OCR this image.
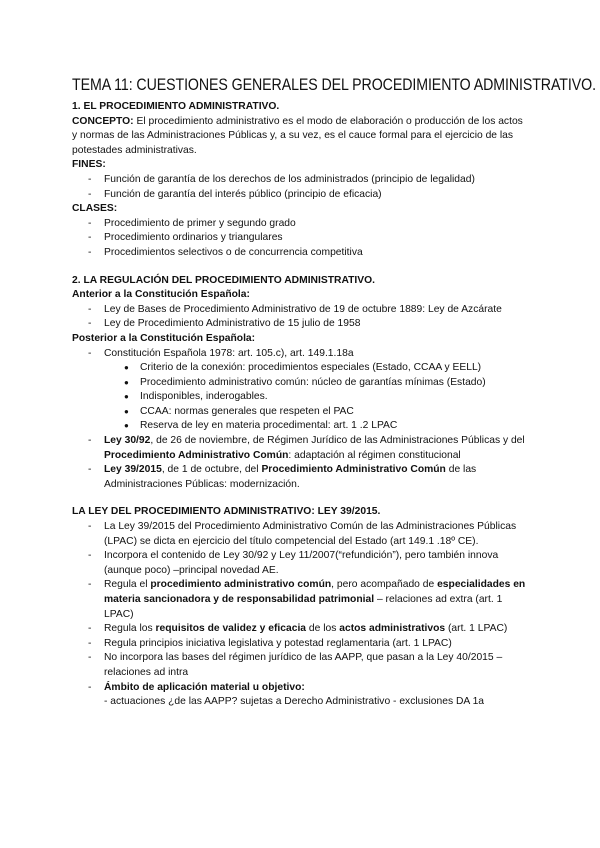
TEMA 11: CUESTIONES GENERALES DEL PROCEDIMIENTO ADMINISTRATIVO.

1. EL PROCEDIMIENTO ADMINISTRATIVO.

CONCEPTO: El procedimiento administrativo es el modo de elaboración o producción de los actos y normas de las Administraciones Públicas y, a su vez, es el cauce formal para el ejercicio de las potestades administrativas.

FINES:

- Función de garantía de los derechos de los administrados (principio de legalidad)
- Función de garantía del interés público (principio de eficacia)

CLASES:

- Procedimiento de primer y segundo grado
- Procedimiento ordinarios y triangulares
- Procedimientos selectivos o de concurrencia competitiva

2. LA REGULACIÓN DEL PROCEDIMIENTO ADMINISTRATIVO.

Anterior a la Constitución Española:

- Ley de Bases de Procedimiento Administrativo de 19 de octubre 1889: Ley de Azcárate
- Ley de Procedimiento Administrativo de 15 julio de 1958

Posterior a la Constitución Española:

- Constitución Española 1978: art. 105.c), art. 149.1.18a
● Criterio de la conexión: procedimientos especiales (Estado, CCAA y EELL)
● Procedimiento administrativo común: núcleo de garantías mínimas (Estado)
● Indisponibles, inderogables.
● CCAA: normas generales que respeten el PAC
● Reserva de ley en materia procedimental: art. 1 .2 LPAC
- Ley 30/92, de 26 de noviembre, de Régimen Jurídico de las Administraciones Públicas y del Procedimiento Administrativo Común: adaptación al régimen constitucional
- Ley 39/2015, de 1 de octubre, del Procedimiento Administrativo Común de las Administraciones Públicas: modernización.

LA LEY DEL PROCEDIMIENTO ADMINISTRATIVO: LEY 39/2015.

- La Ley 39/2015 del Procedimiento Administrativo Común de las Administraciones Públicas (LPAC) se dicta en ejercicio del título competencial del Estado (art 149.1 .18º CE).
- Incorpora el contenido de Ley 30/92 y Ley 11/2007(“refundición”), pero también innova (aunque poco) –principal novedad AE.
- Regula el procedimiento administrativo común, pero acompañado de especialidades en materia sancionadora y de responsabilidad patrimonial – relaciones ad extra (art. 1 LPAC)
- Regula los requisitos de validez y eficacia de los actos administrativos (art. 1 LPAC)
- Regula principios iniciativa legislativa y potestad reglamentaria (art. 1 LPAC)
- No incorpora las bases del régimen jurídico de las AAPP, que pasan a la Ley 40/2015 – relaciones ad intra
- Ámbito de aplicación material u objetivo:
- actuaciones ¿de las AAPP? sujetas a Derecho Administrativo - exclusiones DA 1a
